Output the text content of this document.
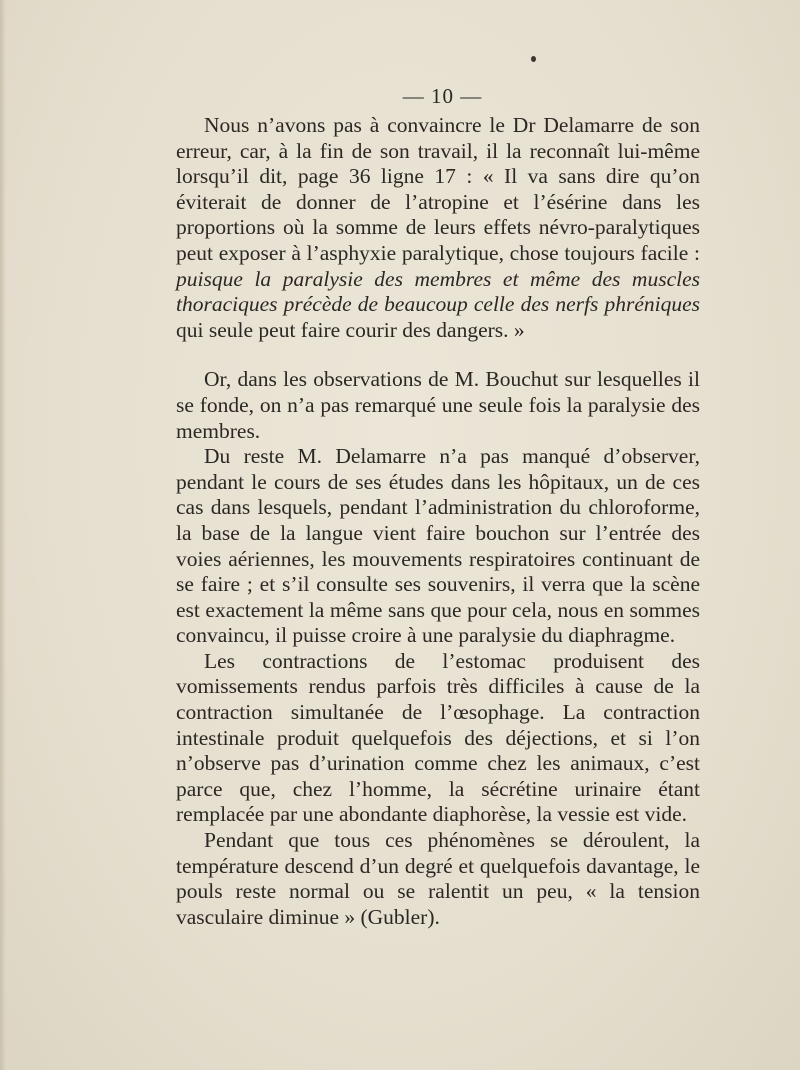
— 10 —

Nous n’avons pas à convaincre le Dr Delamarre de son erreur, car, à la fin de son travail, il la reconnaît lui-même lorsqu’il dit, page 36 ligne 17 : « Il va sans dire qu’on éviterait de donner de l’atropine et l’ésérine dans les proportions où la somme de leurs effets névro-paralytiques peut exposer à l’asphyxie paralytique, chose toujours facile : puisque la paralysie des membres et même des muscles thoraciques précède de beaucoup celle des nerfs phréniques qui seule peut faire courir des dangers. »

Or, dans les observations de M. Bouchut sur lesquelles il se fonde, on n’a pas remarqué une seule fois la paralysie des membres.

Du reste M. Delamarre n’a pas manqué d’observer, pendant le cours de ses études dans les hôpitaux, un de ces cas dans lesquels, pendant l’administration du chloroforme, la base de la langue vient faire bouchon sur l’entrée des voies aériennes, les mouvements respiratoires continuant de se faire ; et s’il consulte ses souvenirs, il verra que la scène est exactement la même sans que pour cela, nous en sommes convaincu, il puisse croire à une paralysie du diaphragme.

Les contractions de l’estomac produisent des vomissements rendus parfois très difficiles à cause de la contraction simultanée de l’œsophage. La contraction intestinale produit quelquefois des déjections, et si l’on n’observe pas d’urination comme chez les animaux, c’est parce que, chez l’homme, la sécrétine urinaire étant remplacée par une abondante diaphorèse, la vessie est vide.

Pendant que tous ces phénomènes se déroulent, la température descend d’un degré et quelquefois davantage, le pouls reste normal ou se ralentit un peu, « la tension vasculaire diminue » (Gubler).
